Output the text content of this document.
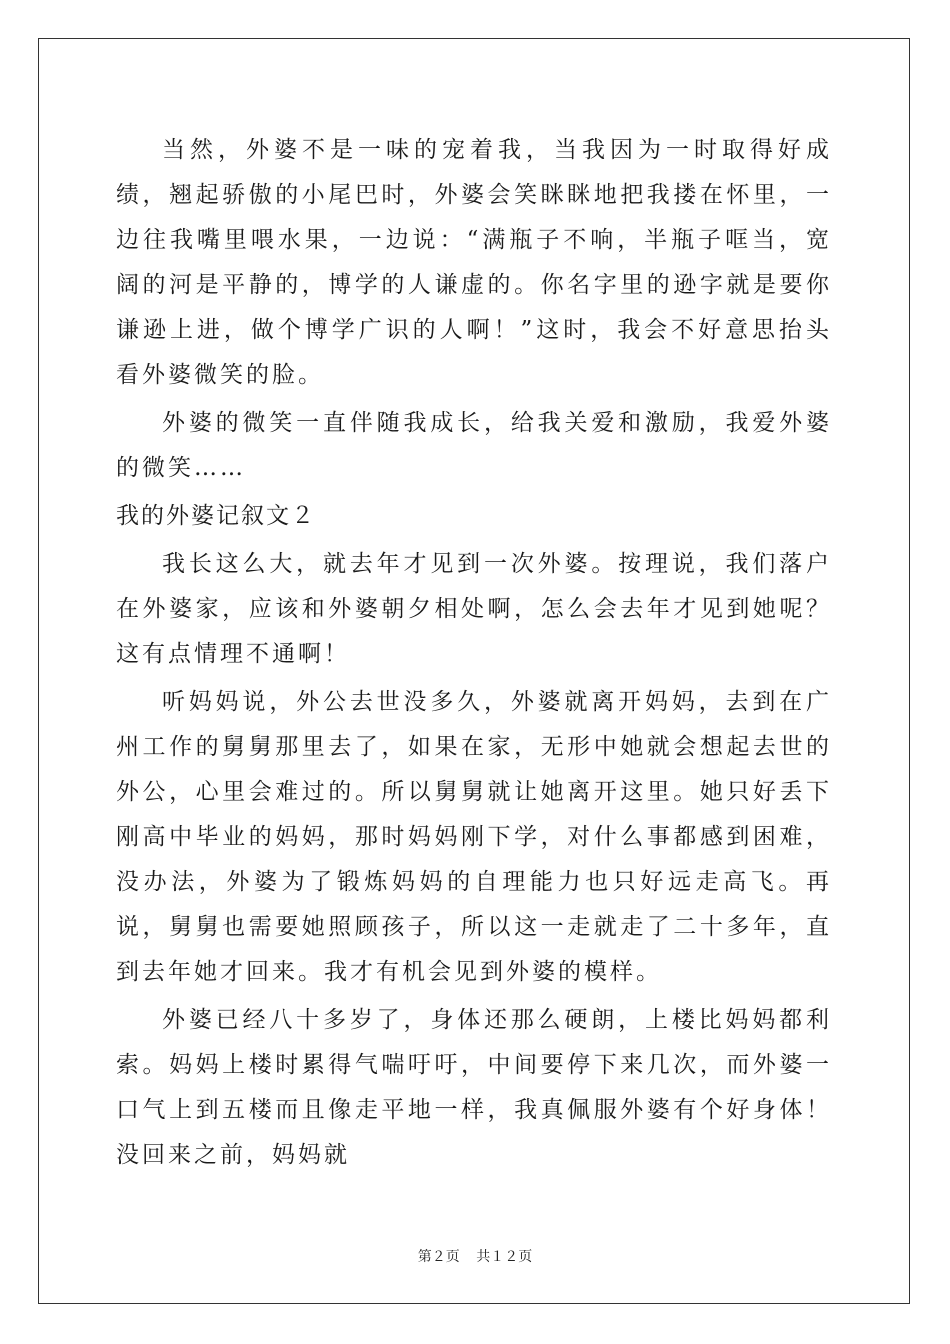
当然，外婆不是一味的宠着我，当我因为一时取得好成绩，翘起骄傲的小尾巴时，外婆会笑眯眯地把我搂在怀里，一边往我嘴里喂水果，一边说：“满瓶子不响，半瓶子哐当，宽阔的河是平静的，博学的人谦虚的。你名字里的逊字就是要你谦逊上进，做个博学广识的人啊！”这时，我会不好意思抬头看外婆微笑的脸。

外婆的微笑一直伴随我成长，给我关爱和激励，我爱外婆的微笑……

我的外婆记叙文２

我长这么大，就去年才见到一次外婆。按理说，我们落户在外婆家，应该和外婆朝夕相处啊，怎么会去年才见到她呢？这有点情理不通啊！

听妈妈说，外公去世没多久，外婆就离开妈妈，去到在广州工作的舅舅那里去了，如果在家，无形中她就会想起去世的外公，心里会难过的。所以舅舅就让她离开这里。她只好丢下刚高中毕业的妈妈，那时妈妈刚下学，对什么事都感到困难，没办法，外婆为了锻炼妈妈的自理能力也只好远走高飞。再说，舅舅也需要她照顾孩子，所以这一走就走了二十多年，直到去年她才回来。我才有机会见到外婆的模样。

外婆已经八十多岁了，身体还那么硬朗，上楼比妈妈都利索。妈妈上楼时累得气喘吁吁，中间要停下来几次，而外婆一口气上到五楼而且像走平地一样，我真佩服外婆有个好身体！没回来之前，妈妈就

第２页 共１２页
